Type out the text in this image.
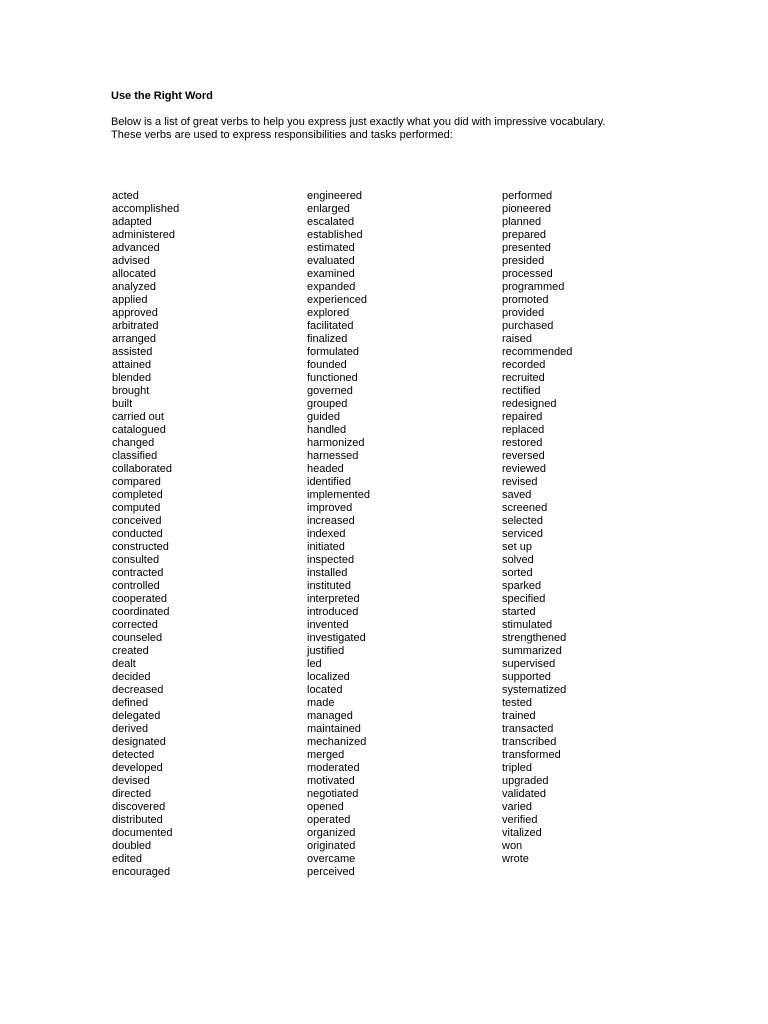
Use the Right Word
Below is a list of great verbs to help you express just exactly what you did with impressive vocabulary.
These verbs are used to express responsibilities and tasks performed:
acted
accomplished
adapted
administered
advanced
advised
allocated
analyzed
applied
approved
arbitrated
arranged
assisted
attained
blended
brought
built
carried out
catalogued
changed
classified
collaborated
compared
completed
computed
conceived
conducted
constructed
consulted
contracted
controlled
cooperated
coordinated
corrected
counseled
created
dealt
decided
decreased
defined
delegated
derived
designated
detected
developed
devised
directed
discovered
distributed
documented
doubled
edited
encouraged
engineered
enlarged
escalated
established
estimated
evaluated
examined
expanded
experienced
explored
facilitated
finalized
formulated
founded
functioned
governed
grouped
guided
handled
harmonized
harnessed
headed
identified
implemented
improved
increased
indexed
initiated
inspected
installed
instituted
interpreted
introduced
invented
investigated
justified
led
localized
located
made
managed
maintained
mechanized
merged
moderated
motivated
negotiated
opened
operated
organized
originated
overcame
perceived
performed
pioneered
planned
prepared
presented
presided
processed
programmed
promoted
provided
purchased
raised
recommended
recorded
recruited
rectified
redesigned
repaired
replaced
restored
reversed
reviewed
revised
saved
screened
selected
serviced
set up
solved
sorted
sparked
specified
started
stimulated
strengthened
summarized
supervised
supported
systematized
tested
trained
transacted
transcribed
transformed
tripled
upgraded
validated
varied
verified
vitalized
won
wrote
